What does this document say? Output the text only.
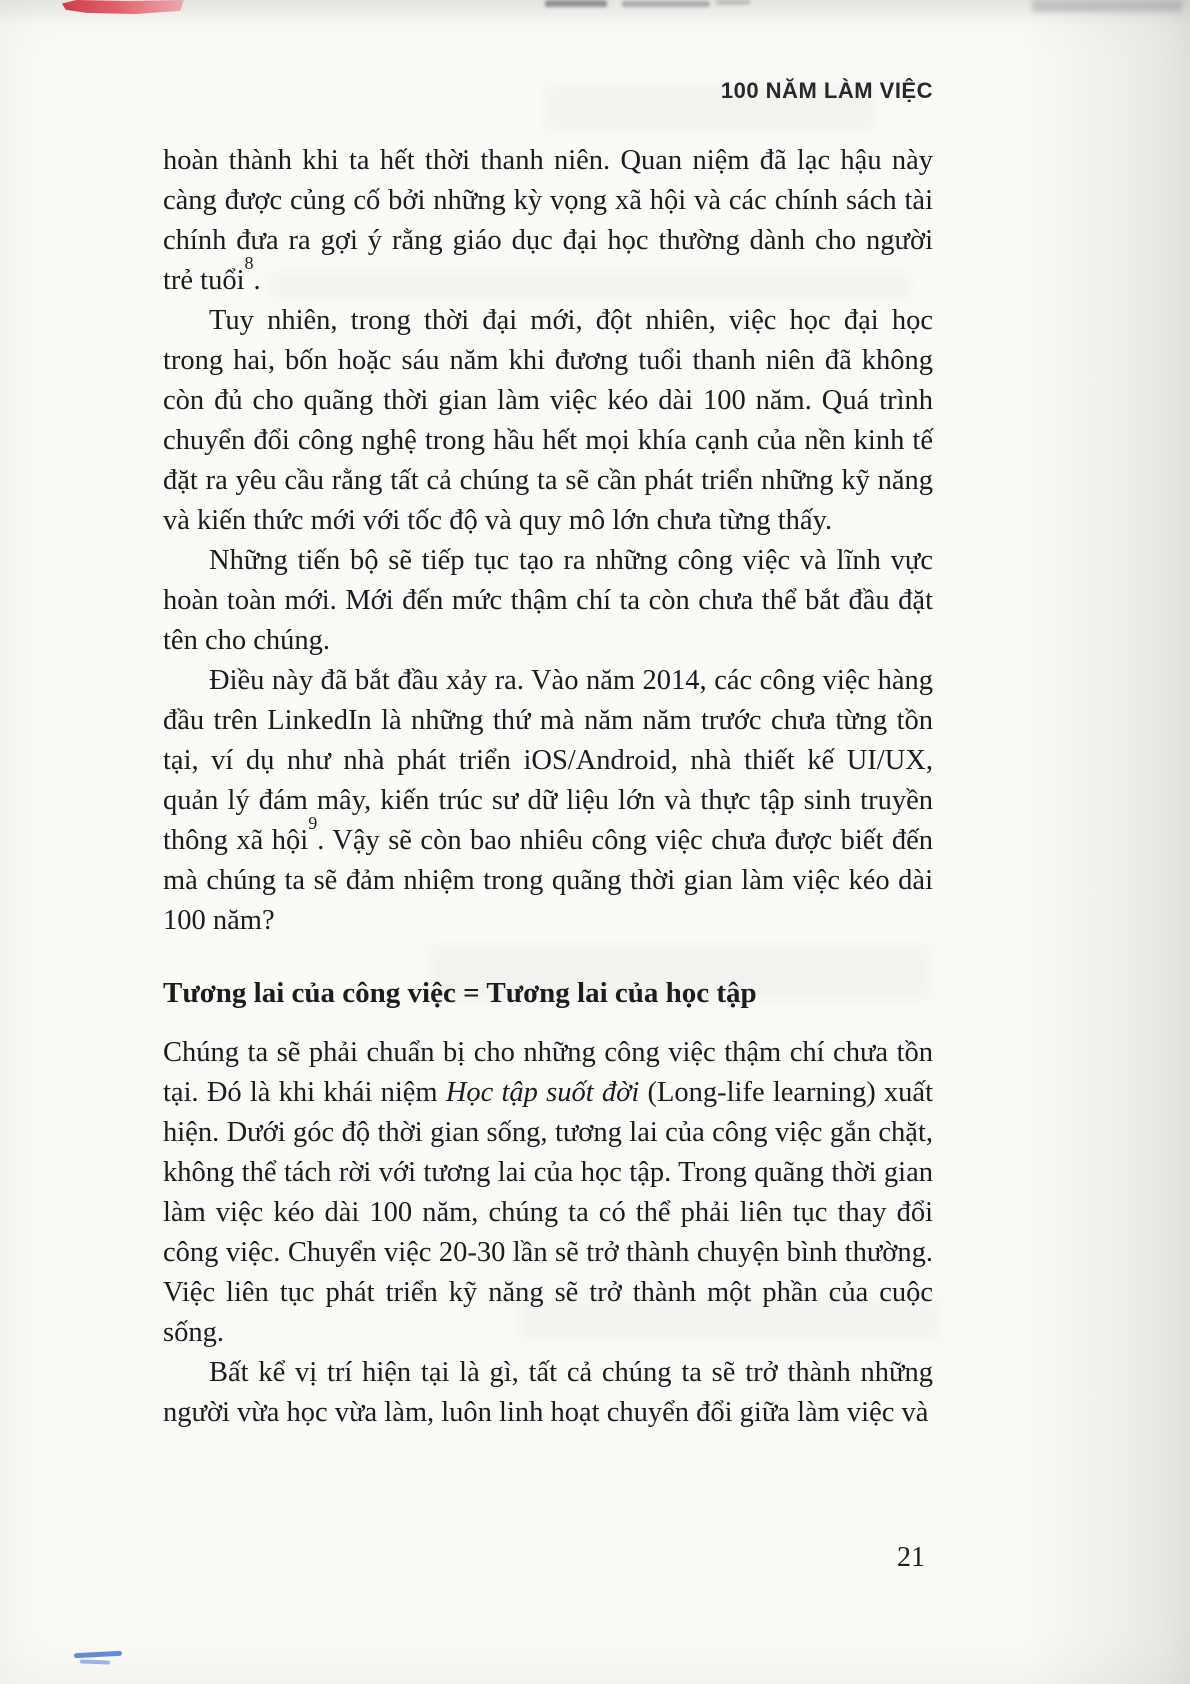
100 NĂM LÀM VIỆC

hoàn thành khi ta hết thời thanh niên. Quan niệm đã lạc hậu này càng được củng cố bởi những kỳ vọng xã hội và các chính sách tài chính đưa ra gợi ý rằng giáo dục đại học thường dành cho người trẻ tuổi$^8$.

Tuy nhiên, trong thời đại mới, đột nhiên, việc học đại học trong hai, bốn hoặc sáu năm khi đương tuổi thanh niên đã không còn đủ cho quãng thời gian làm việc kéo dài 100 năm. Quá trình chuyển đổi công nghệ trong hầu hết mọi khía cạnh của nền kinh tế đặt ra yêu cầu rằng tất cả chúng ta sẽ cần phát triển những kỹ năng và kiến thức mới với tốc độ và quy mô lớn chưa từng thấy.

Những tiến bộ sẽ tiếp tục tạo ra những công việc và lĩnh vực hoàn toàn mới. Mới đến mức thậm chí ta còn chưa thể bắt đầu đặt tên cho chúng.

Điều này đã bắt đầu xảy ra. Vào năm 2014, các công việc hàng đầu trên LinkedIn là những thứ mà năm năm trước chưa từng tồn tại, ví dụ như nhà phát triển iOS/Android, nhà thiết kế UI/UX, quản lý đám mây, kiến trúc sư dữ liệu lớn và thực tập sinh truyền thông xã hội$^9$. Vậy sẽ còn bao nhiêu công việc chưa được biết đến mà chúng ta sẽ đảm nhiệm trong quãng thời gian làm việc kéo dài 100 năm?

Tương lai của công việc = Tương lai của học tập

Chúng ta sẽ phải chuẩn bị cho những công việc thậm chí chưa tồn tại. Đó là khi khái niệm Học tập suốt đời (Long-life learning) xuất hiện. Dưới góc độ thời gian sống, tương lai của công việc gắn chặt, không thể tách rời với tương lai của học tập. Trong quãng thời gian làm việc kéo dài 100 năm, chúng ta có thể phải liên tục thay đổi công việc. Chuyển việc 20-30 lần sẽ trở thành chuyện bình thường. Việc liên tục phát triển kỹ năng sẽ trở thành một phần của cuộc sống.

Bất kể vị trí hiện tại là gì, tất cả chúng ta sẽ trở thành những người vừa học vừa làm, luôn linh hoạt chuyển đổi giữa làm việc và

21
